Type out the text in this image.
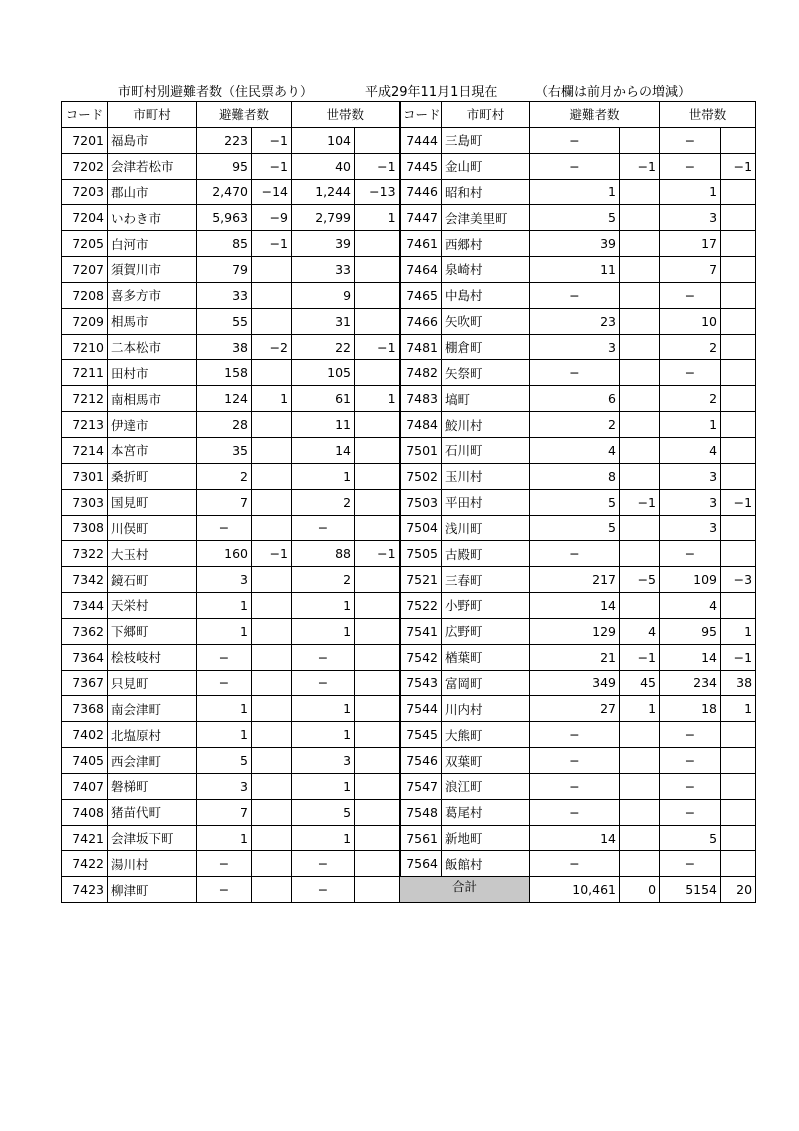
市町村別避難者数（住民票あり）	平成29年11月1日現在	（右欄は前月からの増減）
コード	市町村	避難者数		世帯数	
7201	福島市	223	−1	104	
7202	会津若松市	95	−1	40	−1
7203	郡山市	2,470	−14	1,244	−13
7204	いわき市	5,963	−9	2,799	1
7205	白河市	85	−1	39	
7207	須賀川市	79		33	
7208	喜多方市	33		9	
7209	相馬市	55		31	
7210	二本松市	38	−2	22	−1
7211	田村市	158		105	
7212	南相馬市	124	1	61	1
7213	伊達市	28		11	
7214	本宮市	35		14	
7301	桑折町	2		1	
7303	国見町	7		2	
7308	川俣町	−		−	
7322	大玉村	160	−1	88	−1
7342	鏡石町	3		2	
7344	天栄村	1		1	
7362	下郷町	1		1	
7364	桧枝岐村	−		−	
7367	只見町	−		−	
7368	南会津町	1		1	
7402	北塩原村	1		1	
7405	西会津町	5		3	
7407	磐梯町	3		1	
7408	猪苗代町	7		5	
7421	会津坂下町	1		1	
7422	湯川村	−		−	
7423	柳津町	−		−	
コード	市町村	避難者数		世帯数	
7444	三島町	−		−	
7445	金山町	−	−1	−	−1
7446	昭和村	1		1	
7447	会津美里町	5		3	
7461	西郷村	39		17	
7464	泉崎村	11		7	
7465	中島村	−		−	
7466	矢吹町	23		10	
7481	棚倉町	3		2	
7482	矢祭町	−		−	
7483	塙町	6		2	
7484	鮫川村	2		1	
7501	石川町	4		4	
7502	玉川村	8		3	
7503	平田村	5	−1	3	−1
7504	浅川町	5		3	
7505	古殿町	−		−	
7521	三春町	217	−5	109	−3
7522	小野町	14		4	
7541	広野町	129	4	95	1
7542	楢葉町	21	−1	14	−1
7543	富岡町	349	45	234	38
7544	川内村	27	1	18	1
7545	大熊町	−		−	
7546	双葉町	−		−	
7547	浪江町	−		−	
7548	葛尾村	−		−	
7561	新地町	14		5	
7564	飯館村	−		−	
合計		10,461	0	5154	20
